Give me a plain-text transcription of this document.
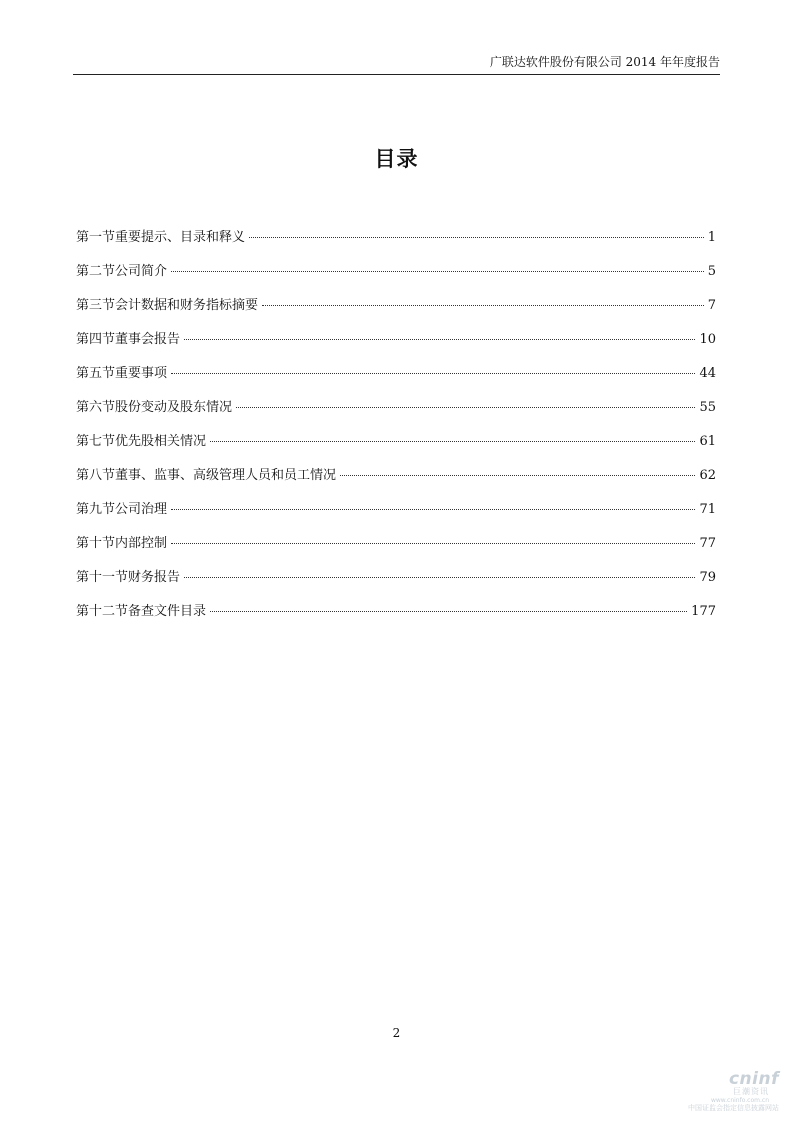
广联达软件股份有限公司 2014 年年度报告
目录
第一节重要提示、目录和释义	1
第二节公司简介	5
第三节会计数据和财务指标摘要	7
第四节董事会报告	10
第五节重要事项	44
第六节股份变动及股东情况	55
第七节优先股相关情况	61
第八节董事、监事、高级管理人员和员工情况	62
第九节公司治理	71
第十节内部控制	77
第十一节财务报告	79
第十二节备查文件目录	177
2
cninf
巨潮资讯
www.cninfo.com.cn
中国证监会指定信息披露网站
